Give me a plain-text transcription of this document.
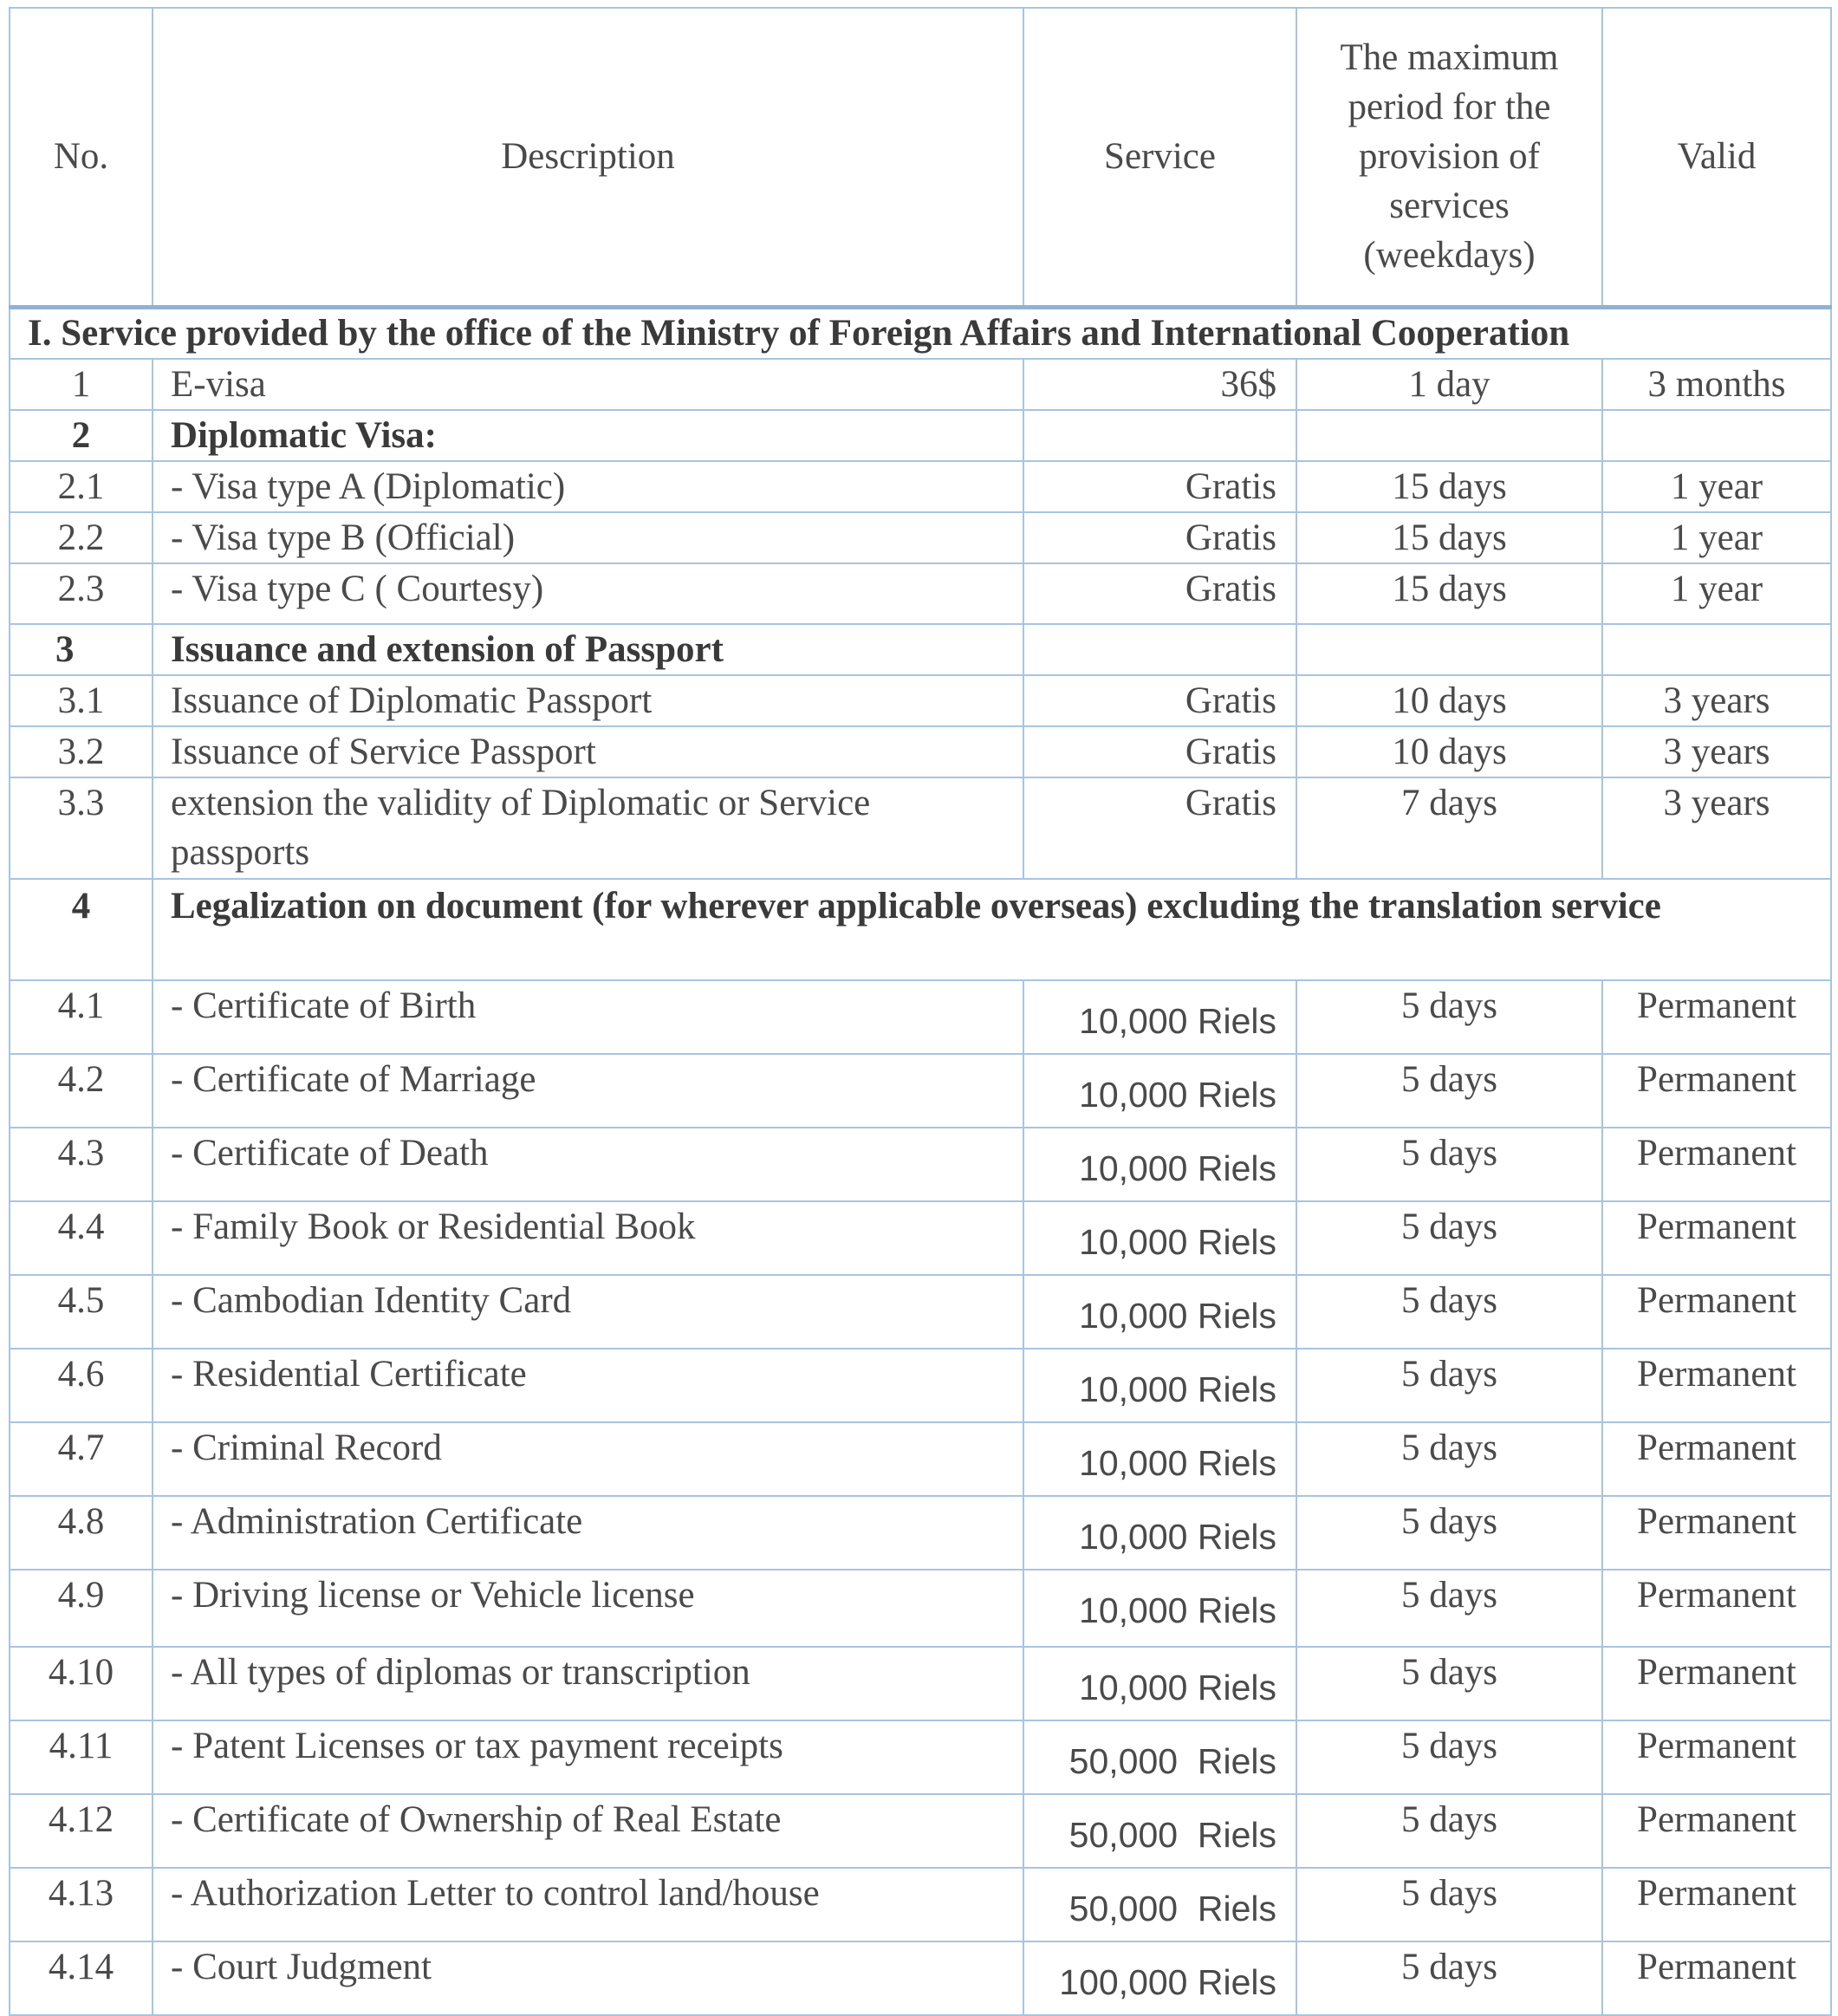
No.	Description	Service	The maximum period for the provision of services (weekdays)	Valid
I. Service provided by the office of the Ministry of Foreign Affairs and International Cooperation				
1	E-visa	36$	1 day	3 months
2	Diplomatic Visa:			
2.1	- Visa type A (Diplomatic)	Gratis	15 days	1 year
2.2	- Visa type B (Official)	Gratis	15 days	1 year
2.3	- Visa type C ( Courtesy)	Gratis	15 days	1 year
3	Issuance and extension of Passport			
3.1	Issuance of Diplomatic Passport	Gratis	10 days	3 years
3.2	Issuance of Service Passport	Gratis	10 days	3 years
3.3	extension the validity of Diplomatic or Service passports	Gratis	7 days	3 years
4	Legalization on document (for wherever applicable overseas) excluding the translation service			
4.1	- Certificate of Birth	10,000 Riels	5 days	Permanent
4.2	- Certificate of Marriage	10,000 Riels	5 days	Permanent
4.3	- Certificate of Death	10,000 Riels	5 days	Permanent
4.4	- Family Book or Residential Book	10,000 Riels	5 days	Permanent
4.5	- Cambodian Identity Card	10,000 Riels	5 days	Permanent
4.6	- Residential Certificate	10,000 Riels	5 days	Permanent
4.7	- Criminal Record	10,000 Riels	5 days	Permanent
4.8	- Administration Certificate	10,000 Riels	5 days	Permanent
4.9	- Driving license or Vehicle license	10,000 Riels	5 days	Permanent
4.10	- All types of diplomas or transcription	10,000 Riels	5 days	Permanent
4.11	- Patent Licenses or tax payment receipts	50,000  Riels	5 days	Permanent
4.12	- Certificate of Ownership of Real Estate	50,000  Riels	5 days	Permanent
4.13	- Authorization Letter to control land/house	50,000  Riels	5 days	Permanent
4.14	- Court Judgment	100,000 Riels	5 days	Permanent
